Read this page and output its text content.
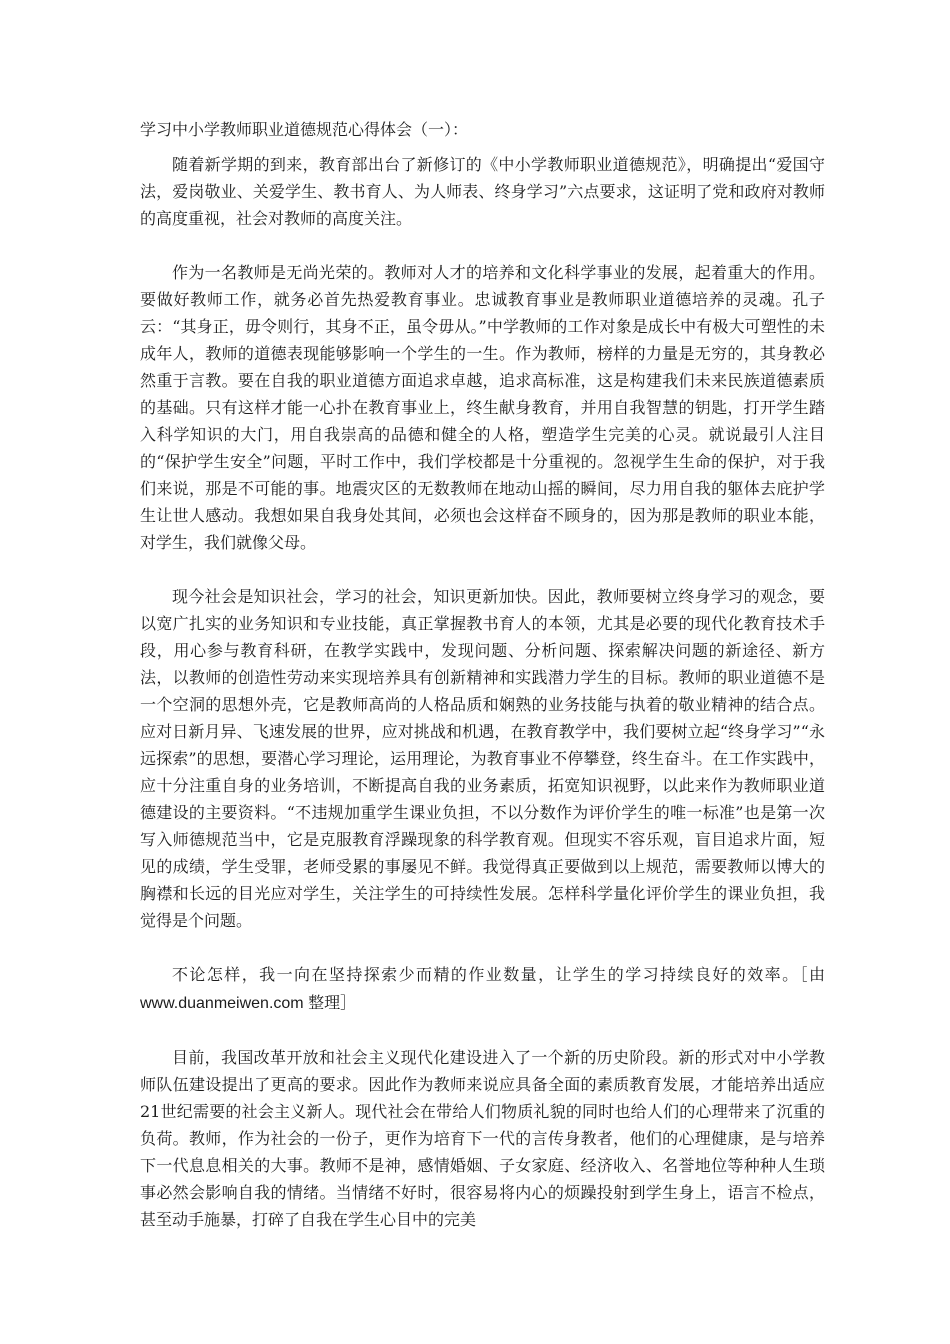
学习中小学教师职业道德规范心得体会（一）：

随着新学期的到来，教育部出台了新修订的《中小学教师职业道德规范》，明确提出“爱国守法，爱岗敬业、关爱学生、教书育人、为人师表、终身学习”六点要求，这证明了党和政府对教师的高度重视，社会对教师的高度关注。

作为一名教师是无尚光荣的。教师对人才的培养和文化科学事业的发展，起着重大的作用。要做好教师工作，就务必首先热爱教育事业。忠诚教育事业是教师职业道德培养的灵魂。孔子云：“其身正，毋令则行，其身不正，虽令毋从。”中学教师的工作对象是成长中有极大可塑性的未成年人，教师的道德表现能够影响一个学生的一生。作为教师，榜样的力量是无穷的，其身教必然重于言教。要在自我的职业道德方面追求卓越，追求高标准，这是构建我们未来民族道德素质的基础。只有这样才能一心扑在教育事业上，终生献身教育，并用自我智慧的钥匙，打开学生踏入科学知识的大门，用自我崇高的品德和健全的人格，塑造学生完美的心灵。就说最引人注目的“保护学生安全”问题，平时工作中，我们学校都是十分重视的。忽视学生生命的保护，对于我们来说，那是不可能的事。地震灾区的无数教师在地动山摇的瞬间，尽力用自我的躯体去庇护学生让世人感动。我想如果自我身处其间，必须也会这样奋不顾身的，因为那是教师的职业本能，对学生，我们就像父母。

现今社会是知识社会，学习的社会，知识更新加快。因此，教师要树立终身学习的观念，要以宽广扎实的业务知识和专业技能，真正掌握教书育人的本领，尤其是必要的现代化教育技术手段，用心参与教育科研，在教学实践中，发现问题、分析问题、探索解决问题的新途径、新方法，以教师的创造性劳动来实现培养具有创新精神和实践潜力学生的目标。教师的职业道德不是一个空洞的思想外壳，它是教师高尚的人格品质和娴熟的业务技能与执着的敬业精神的结合点。应对日新月异、飞速发展的世界，应对挑战和机遇，在教育教学中，我们要树立起“终身学习”“永远探索”的思想，要潜心学习理论，运用理论，为教育事业不停攀登，终生奋斗。在工作实践中，应十分注重自身的业务培训，不断提高自我的业务素质，拓宽知识视野，以此来作为教师职业道德建设的主要资料。“不违规加重学生课业负担，不以分数作为评价学生的唯一标准”也是第一次写入师德规范当中，它是克服教育浮躁现象的科学教育观。但现实不容乐观，盲目追求片面，短见的成绩，学生受罪，老师受累的事屡见不鲜。我觉得真正要做到以上规范，需要教师以博大的胸襟和长远的目光应对学生，关注学生的可持续性发展。怎样科学量化评价学生的课业负担，我觉得是个问题。

不论怎样，我一向在坚持探索少而精的作业数量，让学生的学习持续良好的效率。［由 www.duanmeiwen.com 整理］

目前，我国改革开放和社会主义现代化建设进入了一个新的历史阶段。新的形式对中小学教师队伍建设提出了更高的要求。因此作为教师来说应具备全面的素质教育发展，才能培养出适应21世纪需要的社会主义新人。现代社会在带给人们物质礼貌的同时也给人们的心理带来了沉重的负荷。教师，作为社会的一份子，更作为培育下一代的言传身教者，他们的心理健康，是与培养下一代息息相关的大事。教师不是神，感情婚姻、子女家庭、经济收入、名誉地位等种种人生琐事必然会影响自我的情绪。当情绪不好时，很容易将内心的烦躁投射到学生身上，语言不检点，甚至动手施暴，打碎了自我在学生心目中的完美
